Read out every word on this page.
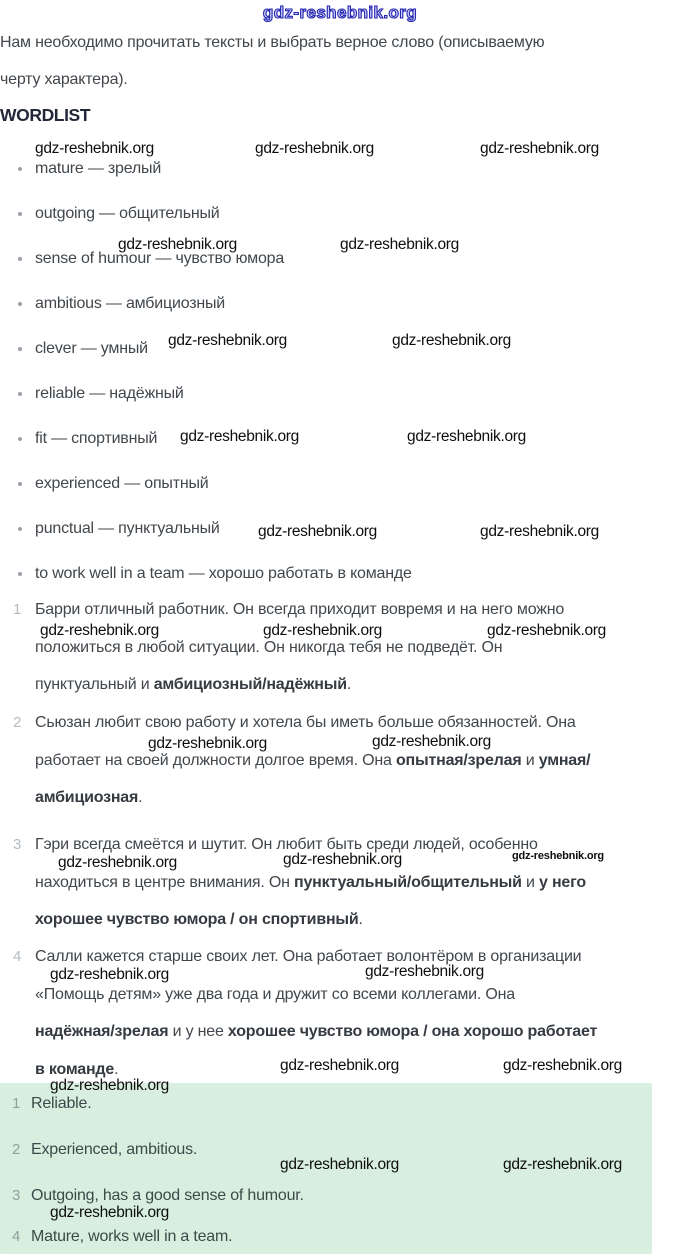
gdz-reshebnik.org
Нам необходимо прочитать тексты и выбрать верное слово (описываемую
черту характера).
WORDLIST
mature — зрелый
outgoing — общительный
sense of humour — чувство юмора
ambitious — амбициозный
clever — умный
reliable — надёжный
fit — спортивный
experienced — опытный
punctual — пунктуальный
to work well in a team — хорошо работать в команде
1 Барри отличный работник. Он всегда приходит вовремя и на него можно
положиться в любой ситуации. Он никогда тебя не подведёт. Он
пунктуальный и амбициозный/надёжный.
2 Сьюзан любит свою работу и хотела бы иметь больше обязанностей. Она
работает на своей должности долгое время. Она опытная/зрелая и умная/
амбициозная.
3 Гэри всегда смеётся и шутит. Он любит быть среди людей, особенно
находиться в центре внимания. Он пунктуальный/общительный и у него
хорошее чувство юмора / он спортивный.
4 Салли кажется старше своих лет. Она работает волонтёром в организации
«Помощь детям» уже два года и дружит со всеми коллегами. Она
надёжная/зрелая и у нее хорошее чувство юмора / она хорошо работает
в команде.
1 Reliable.
2 Experienced, ambitious.
3 Outgoing, has a good sense of humour.
4 Mature, works well in a team.
gdz-reshebnik.org	gdz-reshebnik.org	gdz-reshebnik.org
gdz-reshebnik.org	gdz-reshebnik.org
gdz-reshebnik.org	gdz-reshebnik.org
gdz-reshebnik.org	gdz-reshebnik.org
gdz-reshebnik.org	gdz-reshebnik.org
gdz-reshebnik.org	gdz-reshebnik.org	gdz-reshebnik.org
gdz-reshebnik.org	gdz-reshebnik.org
gdz-reshebnik.org	gdz-reshebnik.org	gdz-reshebnik.org
gdz-reshebnik.org	gdz-reshebnik.org
gdz-reshebnik.org	gdz-reshebnik.org
gdz-reshebnik.org
gdz-reshebnik.org	gdz-reshebnik.org
gdz-reshebnik.org
